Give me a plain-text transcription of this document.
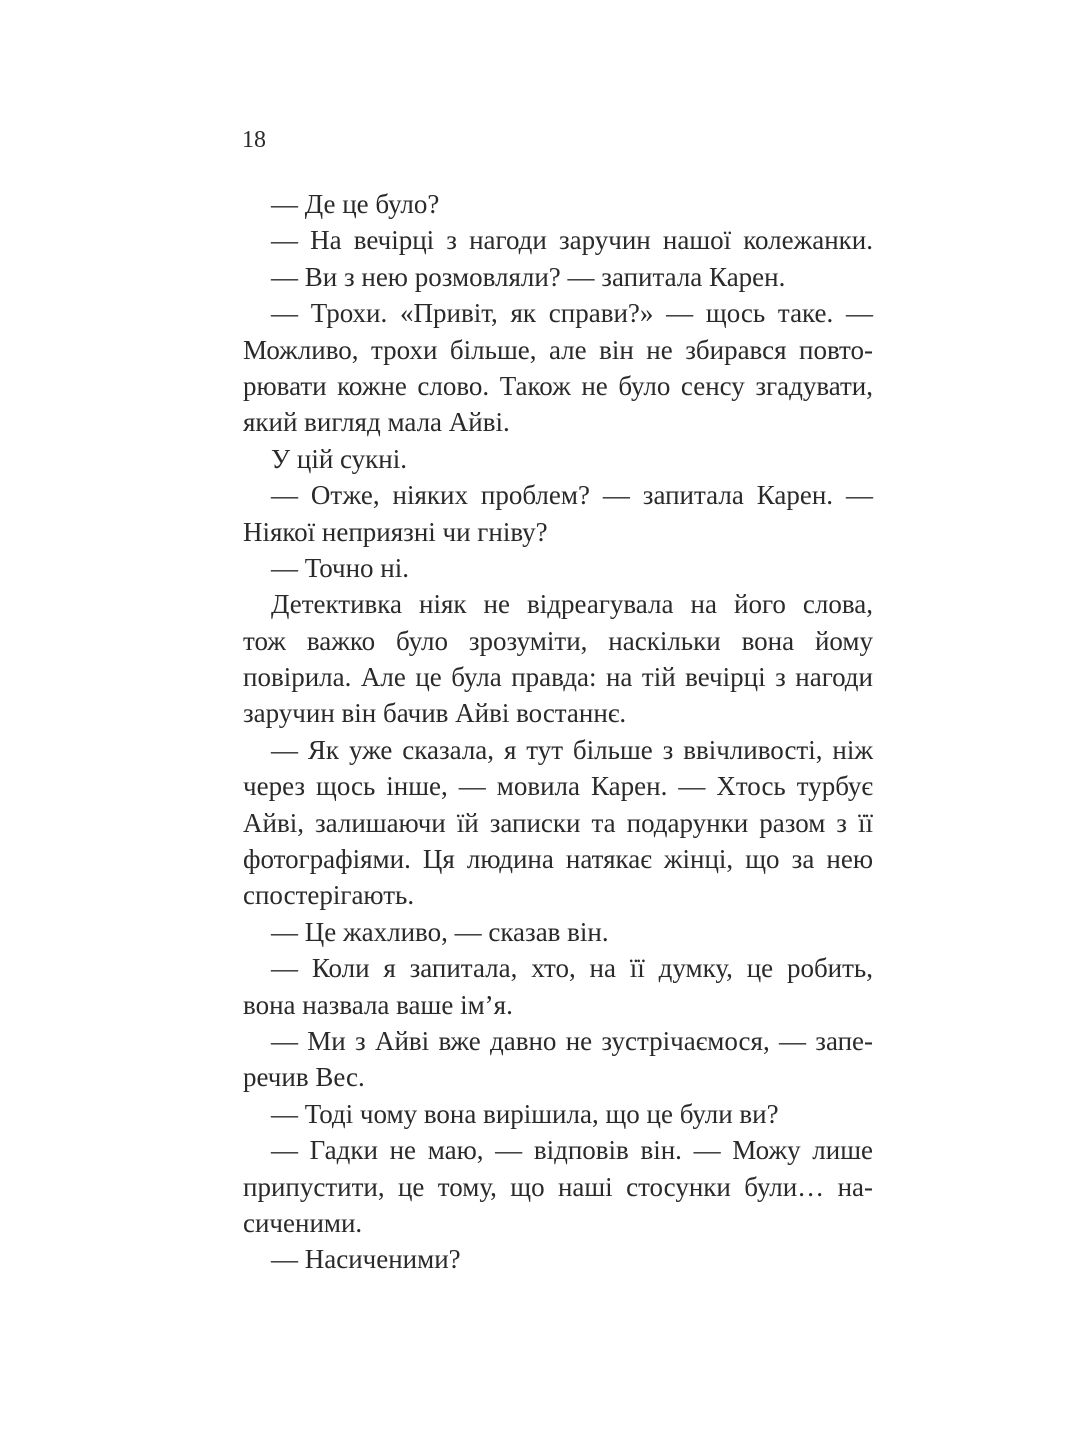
18
— Де це було?
— На вечірці з нагоди заручин нашої колежанки.
— Ви з нею розмовляли? — запитала Карен.
— Трохи. «Привіт, як справи?» — щось таке. —
Можливо, трохи більше, але він не збирався повто-
рювати кожне слово. Також не було сенсу згадувати,
який вигляд мала Айві.
У цій сукні.
— Отже, ніяких проблем? — запитала Карен. —
Ніякої неприязні чи гніву?
— Точно ні.
Детективка ніяк не відреагувала на його слова,
тож важко було зрозуміти, наскільки вона йому
повірила. Але це була правда: на тій вечірці з нагоди
заручин він бачив Айві востаннє.
— Як уже сказала, я тут більше з ввічливості, ніж
через щось інше, — мовила Карен. — Хтось турбує
Айві, залишаючи їй записки та подарунки разом з її
фотографіями. Ця людина натякає жінці, що за нею
спостерігають.
— Це жахливо, — сказав він.
— Коли я запитала, хто, на її думку, це робить,
вона назвала ваше ім’я.
— Ми з Айві вже давно не зустрічаємося, — запе-
речив Вес.
— Тоді чому вона вирішила, що це були ви?
— Гадки не маю, — відповів він. — Можу лише
припустити, це тому, що наші стосунки були… на-
сиченими.
— Насиченими?
